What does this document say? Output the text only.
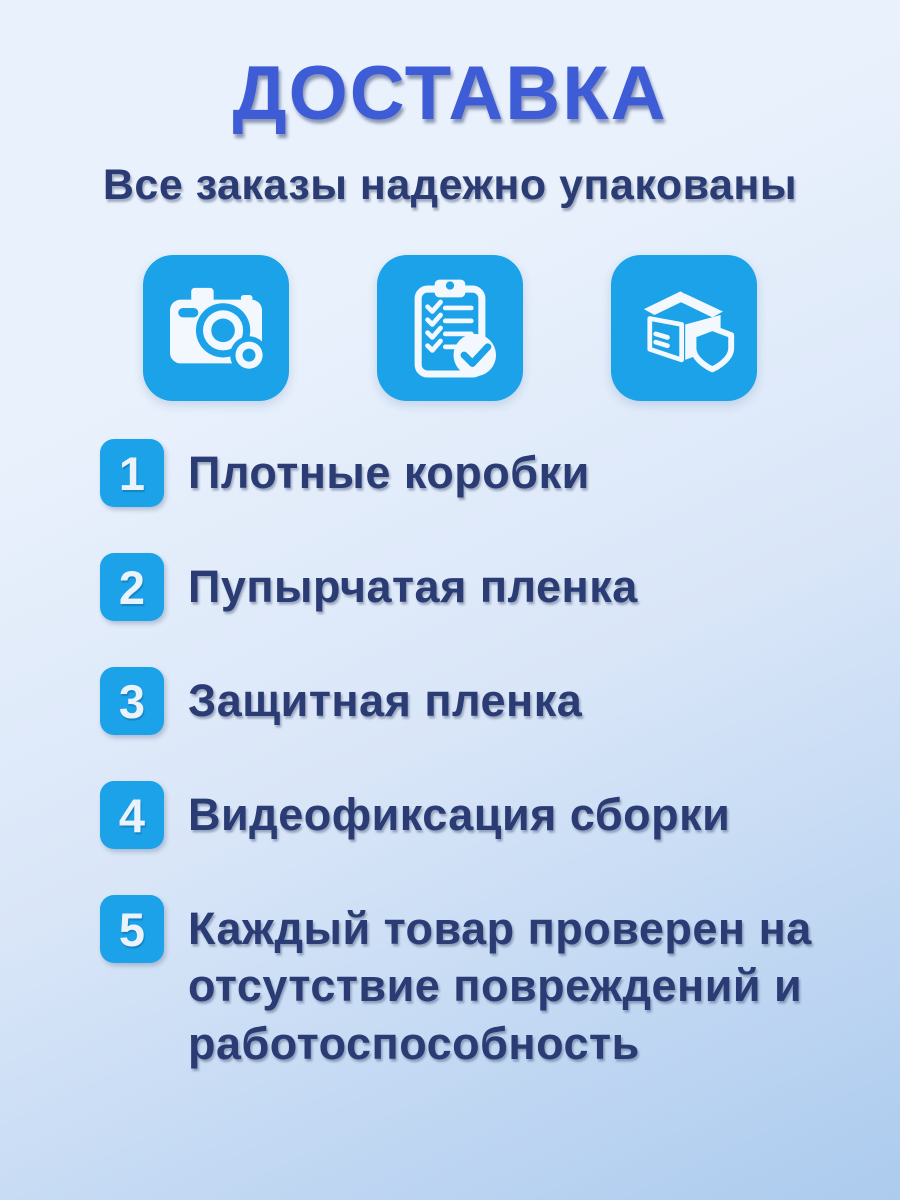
ДОСТАВКА
Все заказы надежно упакованы
1 Плотные коробки
2 Пупырчатая пленка
3 Защитная пленка
4 Видеофиксация сборки
5 Каждый товар проверен на отсутствие повреждений и работоспособность
